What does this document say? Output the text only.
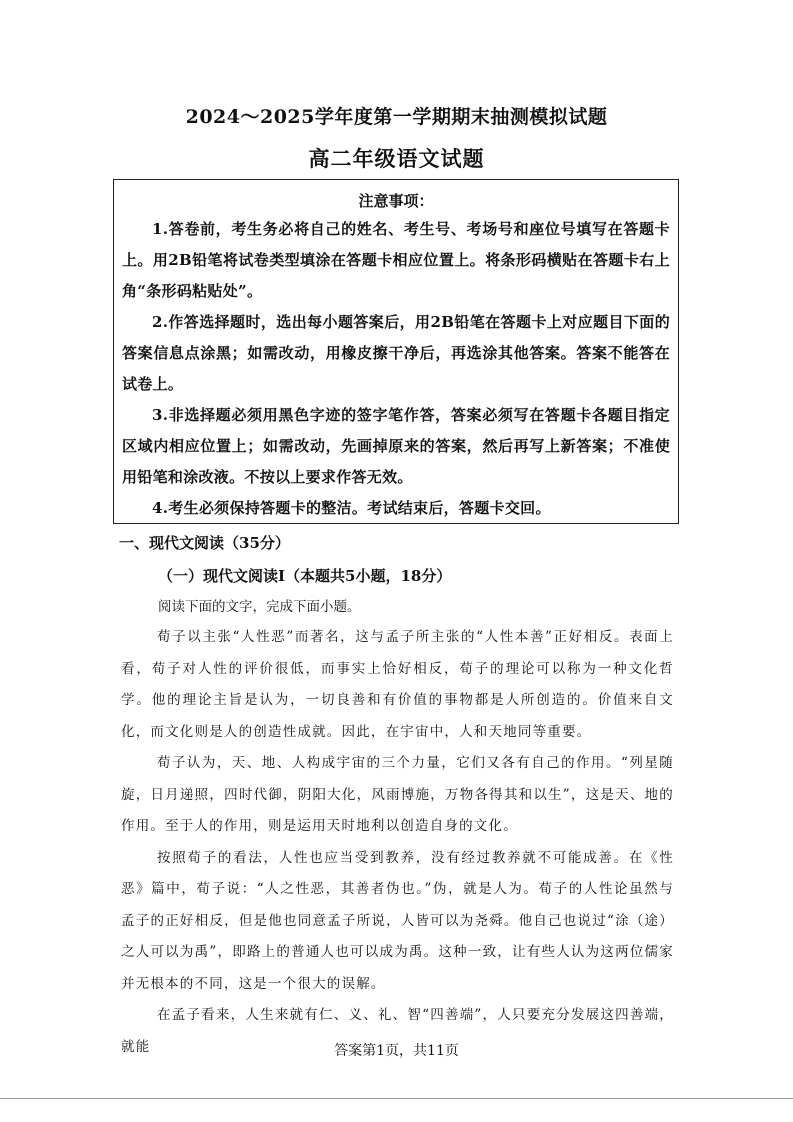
2024～2025学年度第一学期期末抽测模拟试题
高二年级语文试题
注意事项：
1.答卷前，考生务必将自己的姓名、考生号、考场号和座位号填写在答题卡上。用2B铅笔将试卷类型填涂在答题卡相应位置上。将条形码横贴在答题卡右上角“条形码粘贴处”。
2.作答选择题时，选出每小题答案后，用2B铅笔在答题卡上对应题目下面的答案信息点涂黑；如需改动，用橡皮擦干净后，再选涂其他答案。答案不能答在试卷上。
3.非选择题必须用黑色字迹的签字笔作答，答案必须写在答题卡各题目指定区域内相应位置上；如需改动，先画掉原来的答案，然后再写上新答案；不准使用铅笔和涂改液。不按以上要求作答无效。
4.考生必须保持答题卡的整洁。考试结束后，答题卡交回。
一、现代文阅读（35分）
（一）现代文阅读Ⅰ（本题共5小题，18分）
阅读下面的文字，完成下面小题。

荀子以主张“人性恶”而著名，这与孟子所主张的“人性本善”正好相反。表面上看，荀子对人性的评价很低，而事实上恰好相反，荀子的理论可以称为一种文化哲学。他的理论主旨是认为，一切良善和有价值的事物都是人所创造的。价值来自文化，而文化则是人的创造性成就。因此，在宇宙中，人和天地同等重要。

荀子认为，天、地、人构成宇宙的三个力量，它们又各有自己的作用。“列星随旋，日月递照，四时代御，阴阳大化，风雨博施，万物各得其和以生”，这是天、地的作用。至于人的作用，则是运用天时地利以创造自身的文化。

按照荀子的看法，人性也应当受到教养，没有经过教养就不可能成善。在《性恶》篇中，荀子说：“人之性恶，其善者伪也。”伪，就是人为。荀子的人性论虽然与孟子的正好相反，但是他也同意孟子所说，人皆可以为尧舜。他自己也说过“涂（途）之人可以为禹”，即路上的普通人也可以成为禹。这种一致，让有些人认为这两位儒家并无根本的不同，这是一个很大的误解。

在孟子看来，人生来就有仁、义、礼、智“四善端”，人只要充分发展这四善端，就能	答案第1页，共11页
